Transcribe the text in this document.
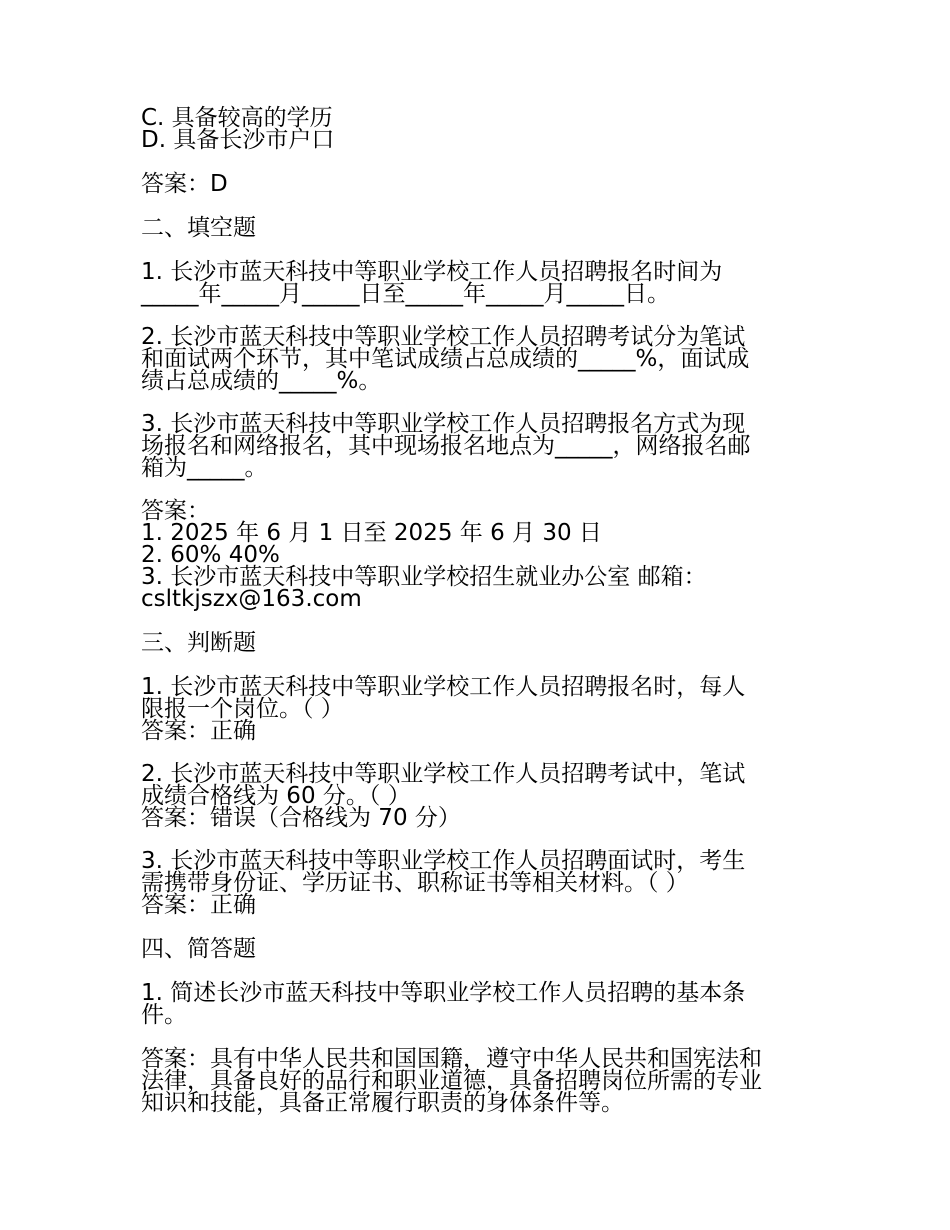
C. 具备较高的学历

D. 具备长沙市户口

答案：D

二、填空题

1. 长沙市蓝天科技中等职业学校工作人员招聘报名时间为

_____年_____月_____日至_____年_____月_____日。

2. 长沙市蓝天科技中等职业学校工作人员招聘考试分为笔试

和面试两个环节，其中笔试成绩占总成绩的_____%，面试成

绩占总成绩的_____%。

3. 长沙市蓝天科技中等职业学校工作人员招聘报名方式为现

场报名和网络报名，其中现场报名地点为_____，网络报名邮

箱为_____。

答案：

1. 2025 年 6 月 1 日至 2025 年 6 月 30 日

2. 60% 40%

3. 长沙市蓝天科技中等职业学校招生就业办公室 邮箱：

csltkjszx@163.com

三、判断题

1. 长沙市蓝天科技中等职业学校工作人员招聘报名时，每人

限报一个岗位。（ ）

答案：正确

2. 长沙市蓝天科技中等职业学校工作人员招聘考试中，笔试

成绩合格线为 60 分。（ ）

答案：错误（合格线为 70 分）

3. 长沙市蓝天科技中等职业学校工作人员招聘面试时，考生

需携带身份证、学历证书、职称证书等相关材料。（ ）

答案：正确

四、简答题

1. 简述长沙市蓝天科技中等职业学校工作人员招聘的基本条

件。

答案：具有中华人民共和国国籍，遵守中华人民共和国宪法和

法律，具备良好的品行和职业道德，具备招聘岗位所需的专业

知识和技能，具备正常履行职责的身体条件等。
